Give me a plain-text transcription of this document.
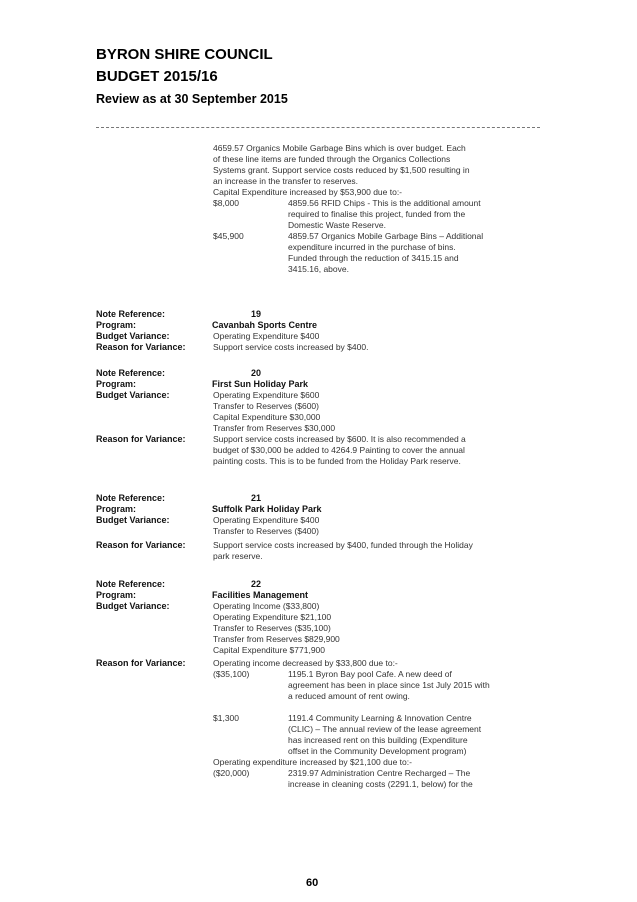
BYRON SHIRE COUNCIL
BUDGET 2015/16
Review as at 30 September 2015
4659.57 Organics Mobile Garbage Bins which is over budget. Each
of these line items are funded through the Organics Collections
Systems grant. Support service costs reduced by $1,500 resulting in
an increase in the transfer to reserves.
Capital Expenditure increased by $53,900 due to:-
$8,000	4859.56 RFID Chips - This is the additional amount
required to finalise this project, funded from the
Domestic Waste Reserve.
$45,900	4859.57 Organics Mobile Garbage Bins – Additional
expenditure incurred in the purchase of bins.
Funded through the reduction of 3415.15 and
3415.16, above.
Note Reference:	19
Program:	Cavanbah Sports Centre
Budget Variance:	Operating Expenditure $400
Reason for Variance:	Support service costs increased by $400.
Note Reference:	20
Program:	First Sun Holiday Park
Budget Variance:	Operating Expenditure $600
Transfer to Reserves ($600)
Capital Expenditure $30,000
Transfer from Reserves $30,000
Reason for Variance:	Support service costs increased by $600. It is also recommended a
budget of $30,000 be added to 4264.9 Painting to cover the annual
painting costs. This is to be funded from the Holiday Park reserve.
Note Reference:	21
Program:	Suffolk Park Holiday Park
Budget Variance:	Operating Expenditure $400
Transfer to Reserves ($400)
Reason for Variance:	Support service costs increased by $400, funded through the Holiday
park reserve.
Note Reference:	22
Program:	Facilities Management
Budget Variance:	Operating Income ($33,800)
Operating Expenditure $21,100
Transfer to Reserves ($35,100)
Transfer from Reserves $829,900
Capital Expenditure $771,900
Reason for Variance:	Operating income decreased by $33,800 due to:-
($35,100)	1195.1 Byron Bay pool Cafe. A new deed of
agreement has been in place since 1st July 2015 with
a reduced amount of rent owing.
$1,300	1191.4 Community Learning & Innovation Centre
(CLIC) – The annual review of the lease agreement
has increased rent on this building (Expenditure
offset in the Community Development program)
Operating expenditure increased by $21,100 due to:-
($20,000)	2319.97 Administration Centre Recharged – The
increase in cleaning costs (2291.1, below) for the
60
